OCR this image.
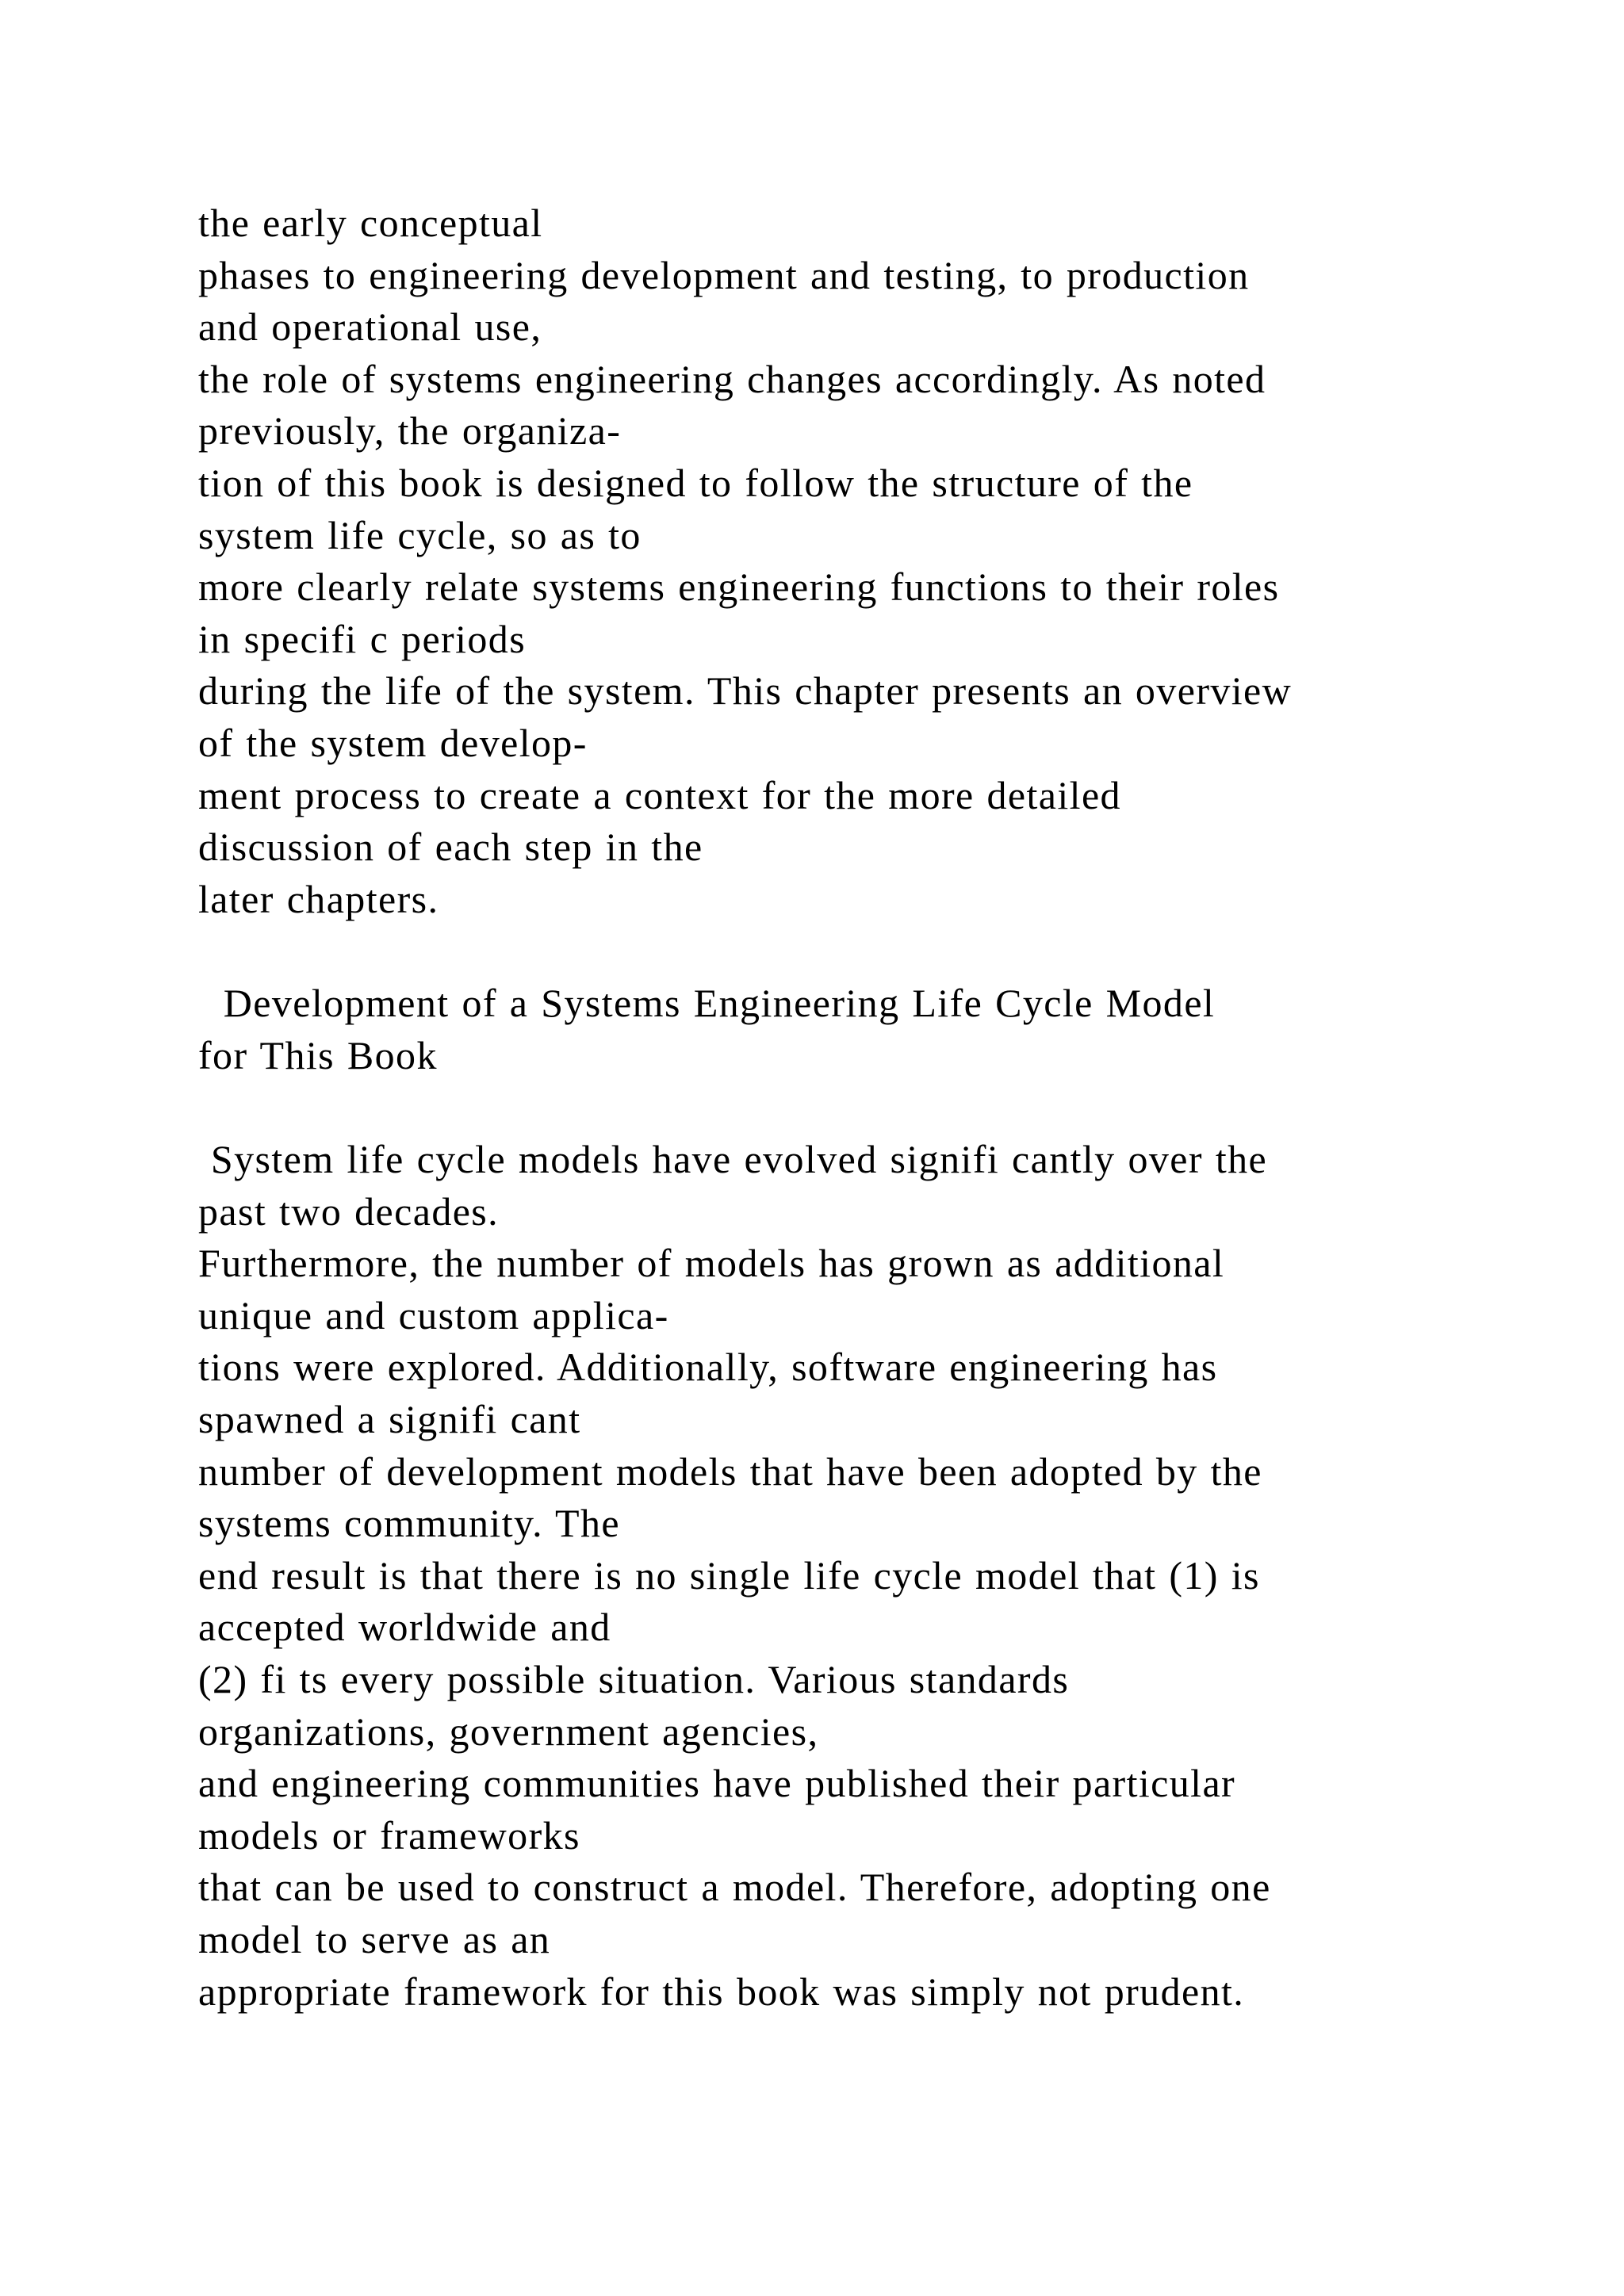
the early conceptual
phases to engineering development and testing, to production
and operational use,
the role of systems engineering changes accordingly. As noted
previously, the organiza-
tion of this book is designed to follow the structure of the
system life cycle, so as to
more clearly relate systems engineering functions to their roles
in specifi c periods
during the life of the system. This chapter presents an overview
of the system develop-
ment process to create a context for the more detailed
discussion of each step in the
later chapters.
Development of a Systems Engineering Life Cycle Model
for This Book
System life cycle models have evolved signifi cantly over the
past two decades.
Furthermore, the number of models has grown as additional
unique and custom applica-
tions were explored. Additionally, software engineering has
spawned a signifi cant
number of development models that have been adopted by the
systems community. The
end result is that there is no single life cycle model that (1) is
accepted worldwide and
(2) fi ts every possible situation. Various standards
organizations, government agencies,
and engineering communities have published their particular
models or frameworks
that can be used to construct a model. Therefore, adopting one
model to serve as an
appropriate framework for this book was simply not prudent.
